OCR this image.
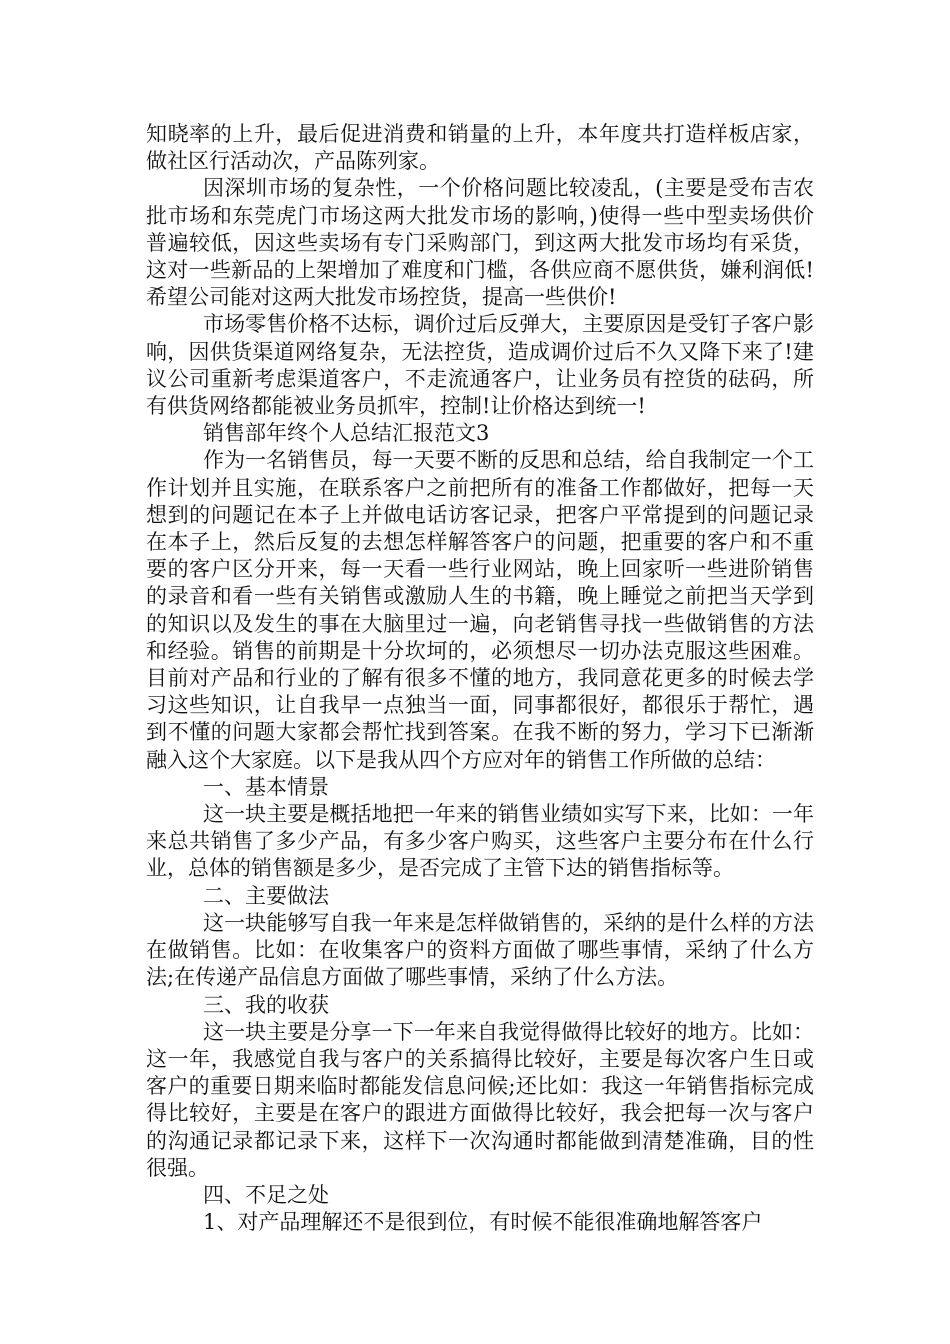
知晓率的上升，最后促进消费和销量的上升，本年度共打造样板店家，做社区行活动次，产品陈列家。

因深圳市场的复杂性，一个价格问题比较凌乱，(主要是受布吉农批市场和东莞虎门市场这两大批发市场的影响，)使得一些中型卖场供价普遍较低，因这些卖场有专门采购部门，到这两大批发市场均有采货，这对一些新品的上架增加了难度和门槛，各供应商不愿供货，嫌利润低!希望公司能对这两大批发市场控货，提高一些供价!

市场零售价格不达标，调价过后反弹大，主要原因是受钉子客户影响，因供货渠道网络复杂，无法控货，造成调价过后不久又降下来了!建议公司重新考虑渠道客户，不走流通客户，让业务员有控货的砝码，所有供货网络都能被业务员抓牢，控制!让价格达到统一!

销售部年终个人总结汇报范文3

作为一名销售员，每一天要不断的反思和总结，给自我制定一个工作计划并且实施，在联系客户之前把所有的准备工作都做好，把每一天想到的问题记在本子上并做电话访客记录，把客户平常提到的问题记录在本子上，然后反复的去想怎样解答客户的问题，把重要的客户和不重要的客户区分开来，每一天看一些行业网站，晚上回家听一些进阶销售的录音和看一些有关销售或激励人生的书籍，晚上睡觉之前把当天学到的知识以及发生的事在大脑里过一遍，向老销售寻找一些做销售的方法和经验。销售的前期是十分坎坷的，必须想尽一切办法克服这些困难。目前对产品和行业的了解有很多不懂的地方，我同意花更多的时候去学习这些知识，让自我早一点独当一面，同事都很好，都很乐于帮忙，遇到不懂的问题大家都会帮忙找到答案。在我不断的努力，学习下已渐渐融入这个大家庭。以下是我从四个方应对年的销售工作所做的总结：

一、基本情景

这一块主要是概括地把一年来的销售业绩如实写下来，比如：一年来总共销售了多少产品，有多少客户购买，这些客户主要分布在什么行业，总体的销售额是多少，是否完成了主管下达的销售指标等。

二、主要做法

这一块能够写自我一年来是怎样做销售的，采纳的是什么样的方法在做销售。比如：在收集客户的资料方面做了哪些事情，采纳了什么方法;在传递产品信息方面做了哪些事情，采纳了什么方法。

三、我的收获

这一块主要是分享一下一年来自我觉得做得比较好的地方。比如：这一年，我感觉自我与客户的关系搞得比较好，主要是每次客户生日或客户的重要日期来临时都能发信息问候;还比如：我这一年销售指标完成得比较好，主要是在客户的跟进方面做得比较好，我会把每一次与客户的沟通记录都记录下来，这样下一次沟通时都能做到清楚准确，目的性很强。

四、不足之处

1、对产品理解还不是很到位，有时候不能很准确地解答客户
